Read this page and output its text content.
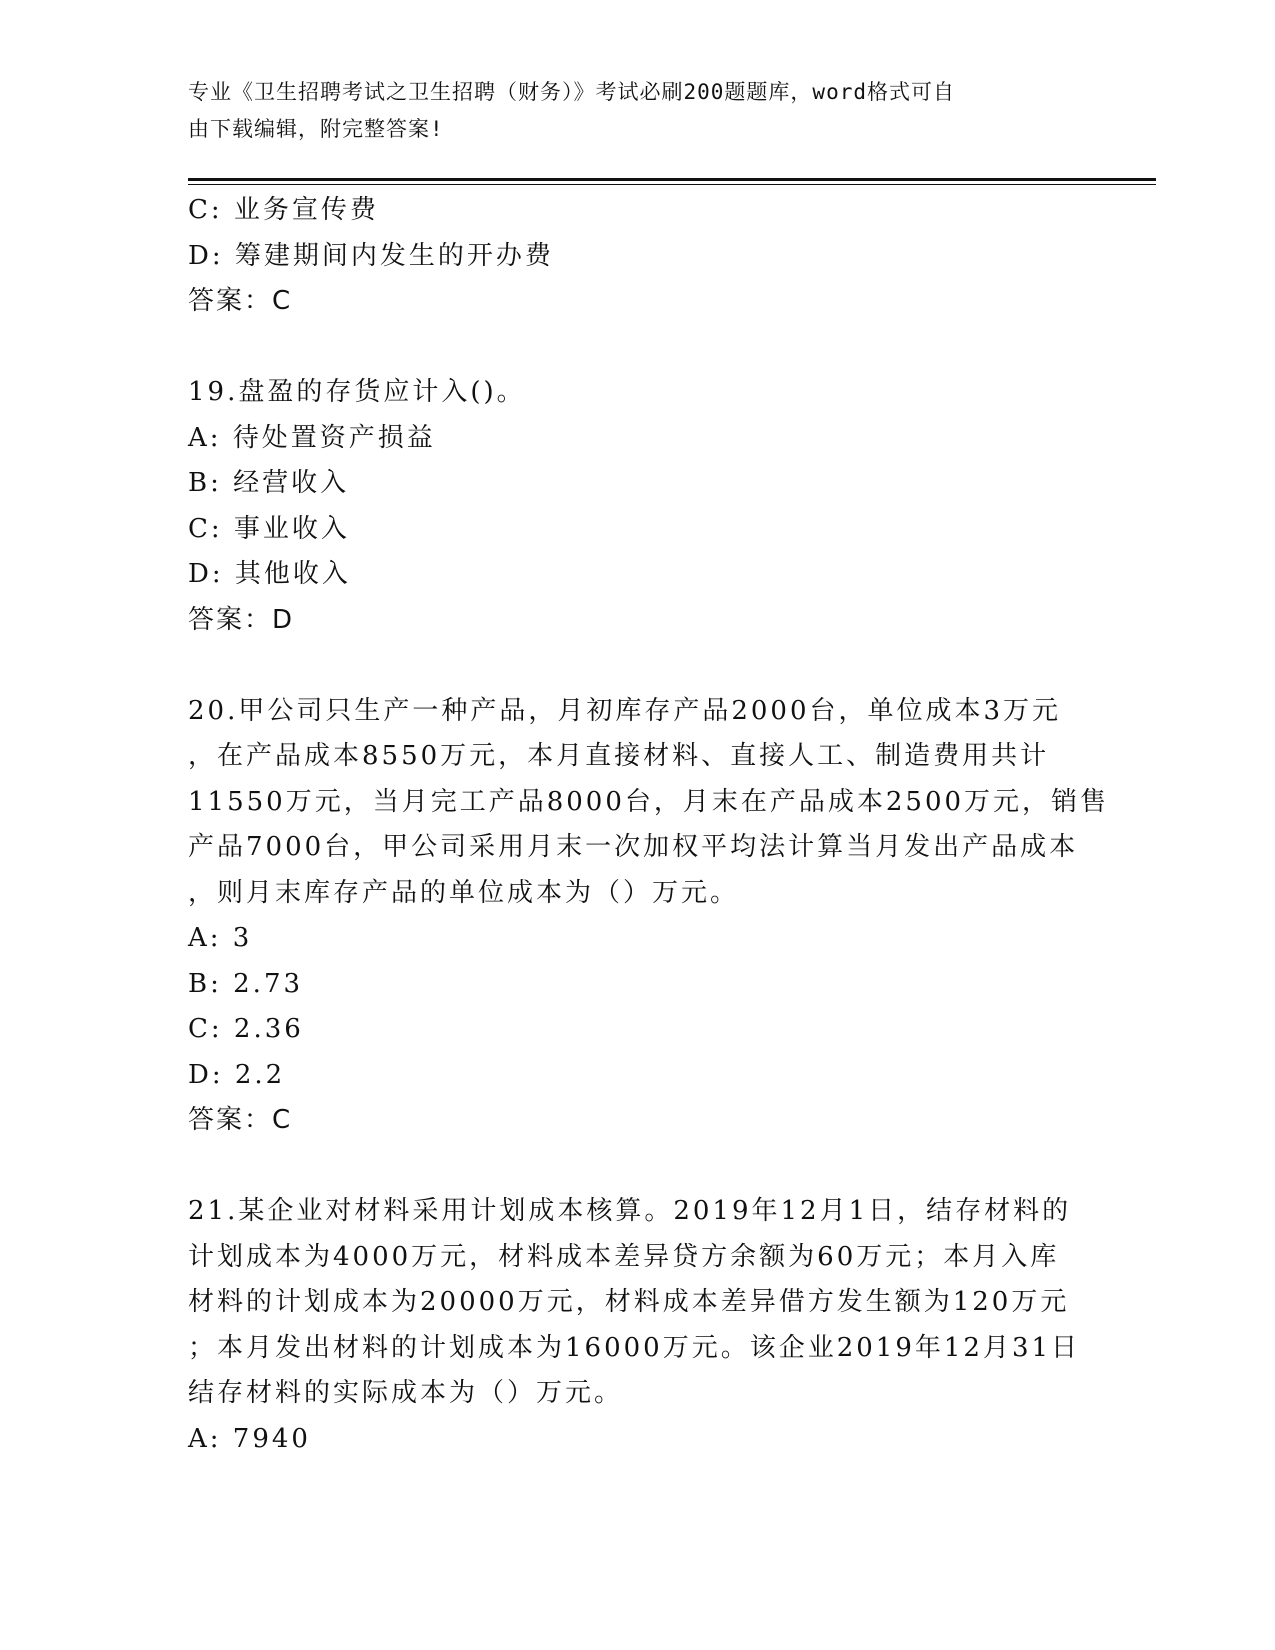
专业《卫生招聘考试之卫生招聘（财务）》考试必刷200题题库，word格式可自
由下载编辑，附完整答案!
C: 业务宣传费
D: 筹建期间内发生的开办费
答案：C
19.盘盈的存货应计入()。
A: 待处置资产损益
B: 经营收入
C: 事业收入
D: 其他收入
答案：D
20.甲公司只生产一种产品，月初库存产品2000台，单位成本3万元
，在产品成本8550万元，本月直接材料、直接人工、制造费用共计
11550万元，当月完工产品8000台，月末在产品成本2500万元，销售
产品7000台，甲公司采用月末一次加权平均法计算当月发出产品成本
，则月末库存产品的单位成本为（）万元。
A: 3
B: 2.73
C: 2.36
D: 2.2
答案：C
21.某企业对材料采用计划成本核算。2019年12月1日，结存材料的
计划成本为4000万元，材料成本差异贷方余额为60万元；本月入库
材料的计划成本为20000万元，材料成本差异借方发生额为120万元
；本月发出材料的计划成本为16000万元。该企业2019年12月31日
结存材料的实际成本为（）万元。
A: 7940
